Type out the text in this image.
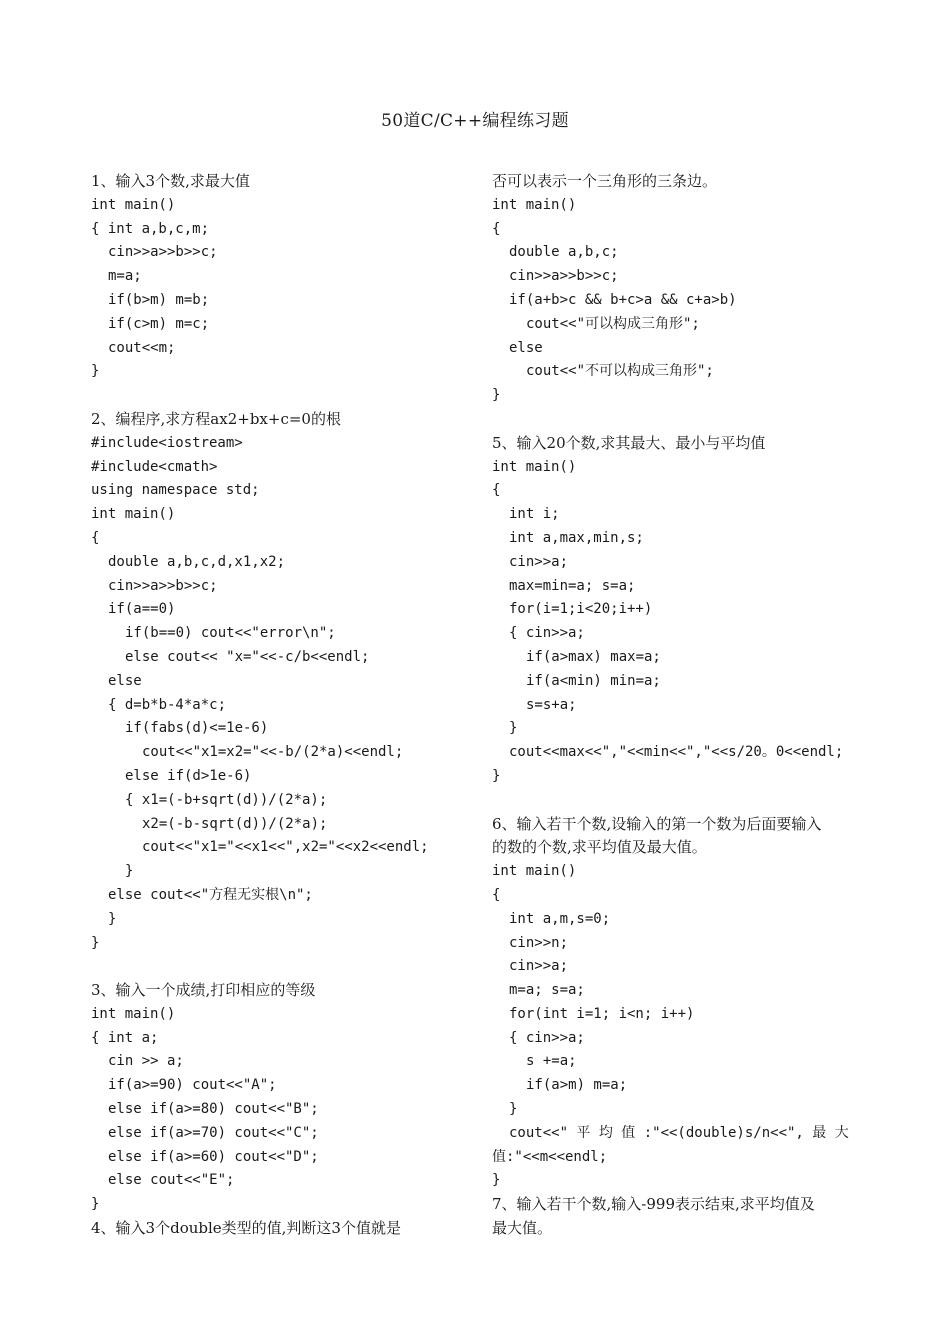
50道C/C++编程练习题
1、输入3个数,求最大值
int main()
{ int a,b,c,m;
cin>>a>>b>>c;
m=a;
if(b>m) m=b;
if(c>m) m=c;
cout<<m;
}
2、编程序,求方程ax2+bx+c=0的根
#include<iostream>
#include<cmath>
using namespace std;
int main()
{
double a,b,c,d,x1,x2;
cin>>a>>b>>c;
if(a==0)
if(b==0) cout<<"error\n";
else cout<< "x="<<-c/b<<endl;
else
{ d=b*b-4*a*c;
if(fabs(d)<=1e-6)
cout<<"x1=x2="<<-b/(2*a)<<endl;
else if(d>1e-6)
{ x1=(-b+sqrt(d))/(2*a);
x2=(-b-sqrt(d))/(2*a);
cout<<"x1="<<x1<<",x2="<<x2<<endl;
}
else cout<<"方程无实根\n";
}
}
3、输入一个成绩,打印相应的等级
int main()
{ int a;
cin >> a;
if(a>=90) cout<<"A";
else if(a>=80) cout<<"B";
else if(a>=70) cout<<"C";
else if(a>=60) cout<<"D";
else cout<<"E";
}
4、输入3个double类型的值,判断这3个值就是
否可以表示一个三角形的三条边。
int main()
{
double a,b,c;
cin>>a>>b>>c;
if(a+b>c && b+c>a && c+a>b)
cout<<"可以构成三角形";
else
cout<<"不可以构成三角形";
}
5、输入20个数,求其最大、最小与平均值
int main()
{
int i;
int a,max,min,s;
cin>>a;
max=min=a; s=a;
for(i=1;i<20;i++)
{ cin>>a;
if(a>max) max=a;
if(a<min) min=a;
s=s+a;
}
cout<<max<<","<<min<<","<<s/20。0<<endl;
}
6、输入若干个数,设输入的第一个数为后面要输入
的数的个数,求平均值及最大值。
int main()
{
int a,m,s=0;
cin>>n;
cin>>a;
m=a; s=a;
for(int i=1; i<n; i++)
{ cin>>a;
s +=a;
if(a>m) m=a;
}
cout<<" 平 均 值 :"<<(double)s/n<<", 最 大
值:"<<m<<endl;
}
7、输入若干个数,输入-999表示结束,求平均值及
最大值。
